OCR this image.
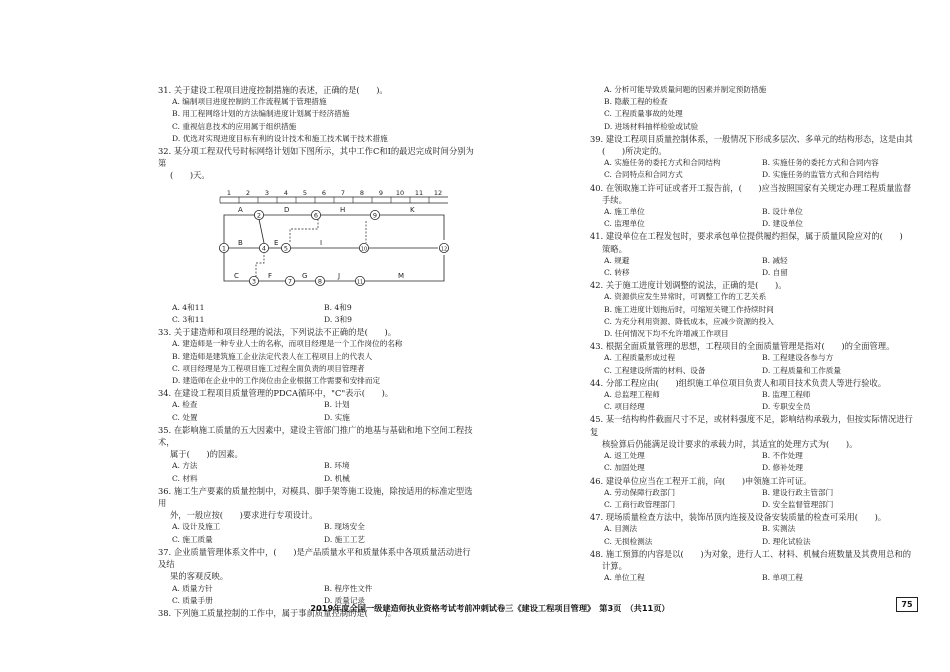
31. 关于建设工程项目进度控制措施的表述，正确的是(　　)。
A. 编制项目进度控制的工作流程属于管理措施
B. 用工程网络计划的方法编制进度计划属于经济措施
C. 重视信息技术的应用属于组织措施
D. 优选对实现进度目标有利的设计技术和施工技术属于技术措施
32. 某分项工程双代号时标网络计划如下图所示，其中工作C和I的最迟完成时间分别为第
(　　)天。
1 2 3 4 5 6 7 8 9 10 11 12
1
2
3
4	5
6
7	8
9
10
11
12
A	D	H	K
B	E	I
C	F	G	J	M
A. 4和11	B. 4和9
C. 3和11	D. 3和9
33. 关于建造师和项目经理的说法，下列说法不正确的是(　　)。
A. 建造师是一种专业人士的名称，而项目经理是一个工作岗位的名称
B. 建造师是建筑施工企业法定代表人在工程项目上的代表人
C. 项目经理是为工程项目施工过程全面负责的项目管理者
D. 建造师在企业中的工作岗位由企业根据工作需要和安排而定
34. 在建设工程项目质量管理的PDCA循环中，"C"表示(　　)。
A. 检查	B. 计划
C. 处置	D. 实施
35. 在影响施工质量的五大因素中，建设主管部门推广的地基与基础和地下空间工程技术，
属于(　　)的因素。
A. 方法	B. 环境
C. 材料	D. 机械
36. 施工生产要素的质量控制中，对模具、脚手架等施工设施，除按适用的标准定型选用
外，一般应按(　　)要求进行专项设计。
A. 设计及施工	B. 现场安全
C. 施工质量	D. 施工工艺
37. 企业质量管理体系文件中，(　　)是产品质量水平和质量体系中各项质量活动进行及结
果的客观反映。
A. 质量方针	B. 程序性文件
C. 质量手册	D. 质量记录
38. 下列施工质量控制的工作中，属于事前质量控制的是(　　)。
A. 分析可能导致质量问题的因素并制定预防措施
B. 隐蔽工程的检查
C. 工程质量事故的处理
D. 进场材料抽样检验或试验
39. 建设工程项目质量控制体系，一般情况下形成多层次、多单元的结构形态，这是由其
(　　)所决定的。
A. 实施任务的委托方式和合同结构	B. 实施任务的委托方式和合同内容
C. 合同特点和合同方式	D. 实施任务的监管方式和合同结构
40. 在领取施工许可证或者开工报告前，(　　)应当按照国家有关规定办理工程质量监督
手续。
A. 施工单位	B. 设计单位
C. 监理单位	D. 建设单位
41. 建设单位在工程发包时，要求承包单位提供履约担保，属于质量风险应对的(　　)
策略。
A. 规避	B. 减轻
C. 转移	D. 自留
42. 关于施工进度计划调整的说法，正确的是(　　)。
A. 资源供应发生异常时，可调整工作的工艺关系
B. 施工进度计划拖后时，可缩短关键工作持续时间
C. 为充分利用资源、降低成本，应减少资源的投入
D. 任何情况下均不允许增减工作项目
43. 根据全面质量管理的思想，工程项目的全面质量管理是指对(　　)的全面管理。
A. 工程质量形成过程	B. 工程建设各参与方
C. 工程建设所需的材料、设备	D. 工程质量和工作质量
44. 分部工程应由(　　)组织施工单位项目负责人和项目技术负责人等进行验收。
A. 总监理工程师	B. 监理工程师
C. 项目经理	D. 专职安全员
45. 某一结构构件截面尺寸不足，或材料强度不足，影响结构承载力，但按实际情况进行复
核验算后仍能满足设计要求的承载力时，其适宜的处理方式为(　　)。
A. 返工处理	B. 不作处理
C. 加固处理	D. 修补处理
46. 建设单位应当在工程开工前，向(　　)申领施工许可证。
A. 劳动保障行政部门	B. 建设行政主管部门
C. 工商行政管理部门	D. 安全监督管理部门
47. 现场质量检查方法中，装饰吊顶内连接及设备安装质量的检查可采用(　　)。
A. 目测法	B. 实测法
C. 无损检测法	D. 理化试验法
48. 施工预算的内容是以(　　)为对象，进行人工、材料、机械台班数量及其费用总和的
计算。
A. 单位工程	B. 单项工程
2019年度全国一级建造师执业资格考试考前冲刺试卷三《建设工程项目管理》　第3页　（共11页）	75
